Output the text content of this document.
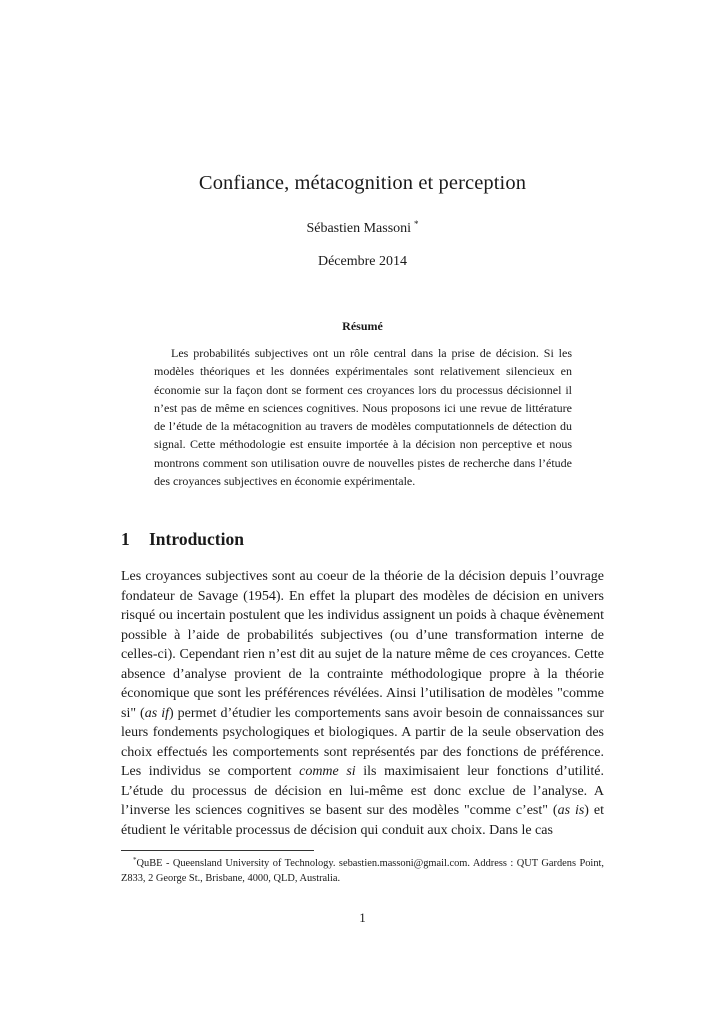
Confiance, métacognition et perception
Sébastien Massoni *
Décembre 2014
Résumé
Les probabilités subjectives ont un rôle central dans la prise de décision. Si les modèles théoriques et les données expérimentales sont relativement silencieux en économie sur la façon dont se forment ces croyances lors du processus décisionnel il n’est pas de même en sciences cognitives. Nous proposons ici une revue de littérature de l’étude de la métacognition au travers de modèles computationnels de détection du signal. Cette méthodologie est ensuite importée à la décision non perceptive et nous montrons comment son utilisation ouvre de nouvelles pistes de recherche dans l’étude des croyances subjectives en économie expérimentale.
1 Introduction
Les croyances subjectives sont au coeur de la théorie de la décision depuis l’ouvrage fondateur de Savage (1954). En effet la plupart des modèles de décision en univers risqué ou incertain postulent que les individus assignent un poids à chaque évènement possible à l’aide de probabilités subjectives (ou d’une transformation interne de celles-ci). Cependant rien n’est dit au sujet de la nature même de ces croyances. Cette absence d’analyse provient de la contrainte méthodologique propre à la théorie économique que sont les préférences révélées. Ainsi l’utilisation de modèles "comme si" (as if) permet d’étudier les comportements sans avoir besoin de connaissances sur leurs fondements psychologiques et biologiques. A partir de la seule observation des choix effectués les comportements sont représentés par des fonctions de préférence. Les individus se comportent comme si ils maximisaient leur fonctions d’utilité. L’étude du processus de décision en lui-même est donc exclue de l’analyse. A l’inverse les sciences cognitives se basent sur des modèles "comme c’est" (as is) et étudient le véritable processus de décision qui conduit aux choix. Dans le cas
*QuBE - Queensland University of Technology. sebastien.massoni@gmail.com. Address : QUT Gardens Point, Z833, 2 George St., Brisbane, 4000, QLD, Australia.
1
